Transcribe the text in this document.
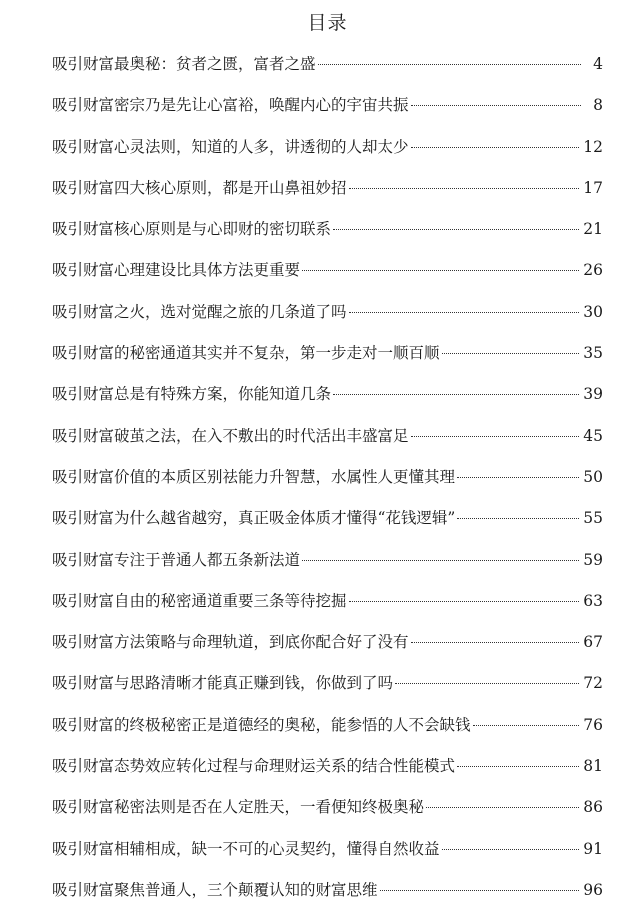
目录
吸引财富最奥秘：贫者之匮，富者之盛	4
吸引财富密宗乃是先让心富裕，唤醒内心的宇宙共振	8
吸引财富心灵法则，知道的人多，讲透彻的人却太少	12
吸引财富四大核心原则，都是开山鼻祖妙招	17
吸引财富核心原则是与心即财的密切联系	21
吸引财富心理建设比具体方法更重要	26
吸引财富之火，选对觉醒之旅的几条道了吗	30
吸引财富的秘密通道其实并不复杂，第一步走对一顺百顺	35
吸引财富总是有特殊方案，你能知道几条	39
吸引财富破茧之法，在入不敷出的时代活出丰盛富足	45
吸引财富价值的本质区别祛能力升智慧，水属性人更懂其理	50
吸引财富为什么越省越穷，真正吸金体质才懂得“花钱逻辑”	55
吸引财富专注于普通人都五条新法道	59
吸引财富自由的秘密通道重要三条等待挖掘	63
吸引财富方法策略与命理轨道，到底你配合好了没有	67
吸引财富与思路清晰才能真正赚到钱，你做到了吗	72
吸引财富的终极秘密正是道德经的奥秘，能参悟的人不会缺钱	76
吸引财富态势效应转化过程与命理财运关系的结合性能模式	81
吸引财富秘密法则是否在人定胜天，一看便知终极奥秘	86
吸引财富相辅相成，缺一不可的心灵契约，懂得自然收益	91
吸引财富聚焦普通人，三个颠覆认知的财富思维	96
